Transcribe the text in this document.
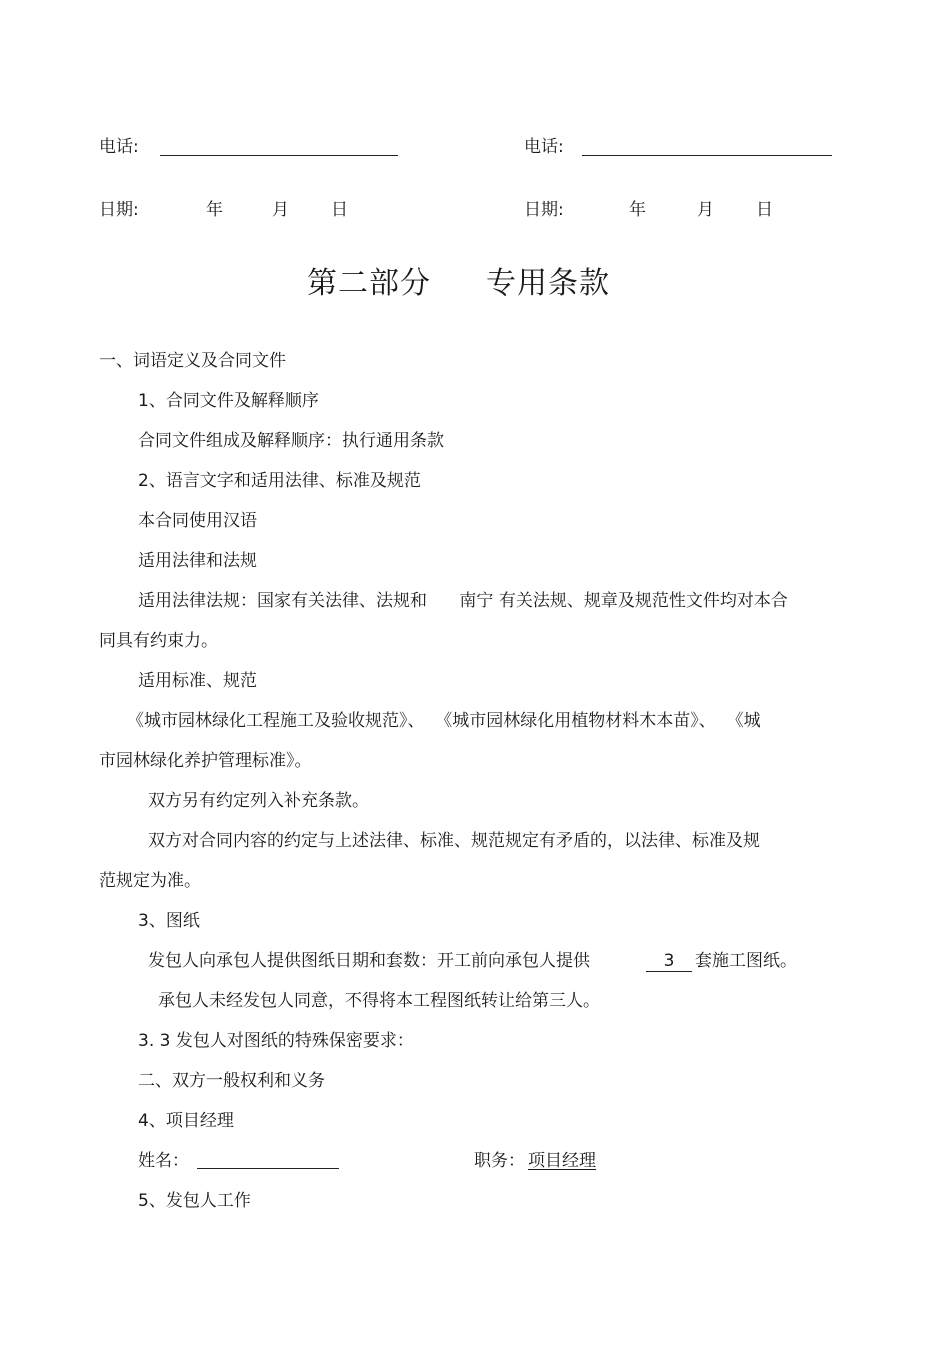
电话:	电话:
日期:	年	月 日	日期:	年	月 日
第二部分 专用条款
一、词语定义及合同文件
1、合同文件及解释顺序
合同文件组成及解释顺序：执行通用条款
2、语言文字和适用法律、标准及规范
本合同使用汉语
适用法律和法规
适用法律法规：国家有关法律、法规和      南宁 有关法规、规章及规范性文件均对本合
同具有约束力。
适用标准、规范
《城市园林绿化工程施工及验收规范》、  《城市园林绿化用植物材料木本苗》、  《城
市园林绿化养护管理标准》。
双方另有约定列入补充条款。
双方对合同内容的约定与上述法律、标准、规范规定有矛盾的，以法律、标准及规
范规定为准。
3、图纸
发包人向承包人提供图纸日期和套数：开工前向承包人提供	3	套施工图纸。
承包人未经发包人同意，不得将本工程图纸转让给第三人。
3. 3 发包人对图纸的特殊保密要求：
二、双方一般权利和义务
4、项目经理
姓名：	职务： 项目经理
5、发包人工作
